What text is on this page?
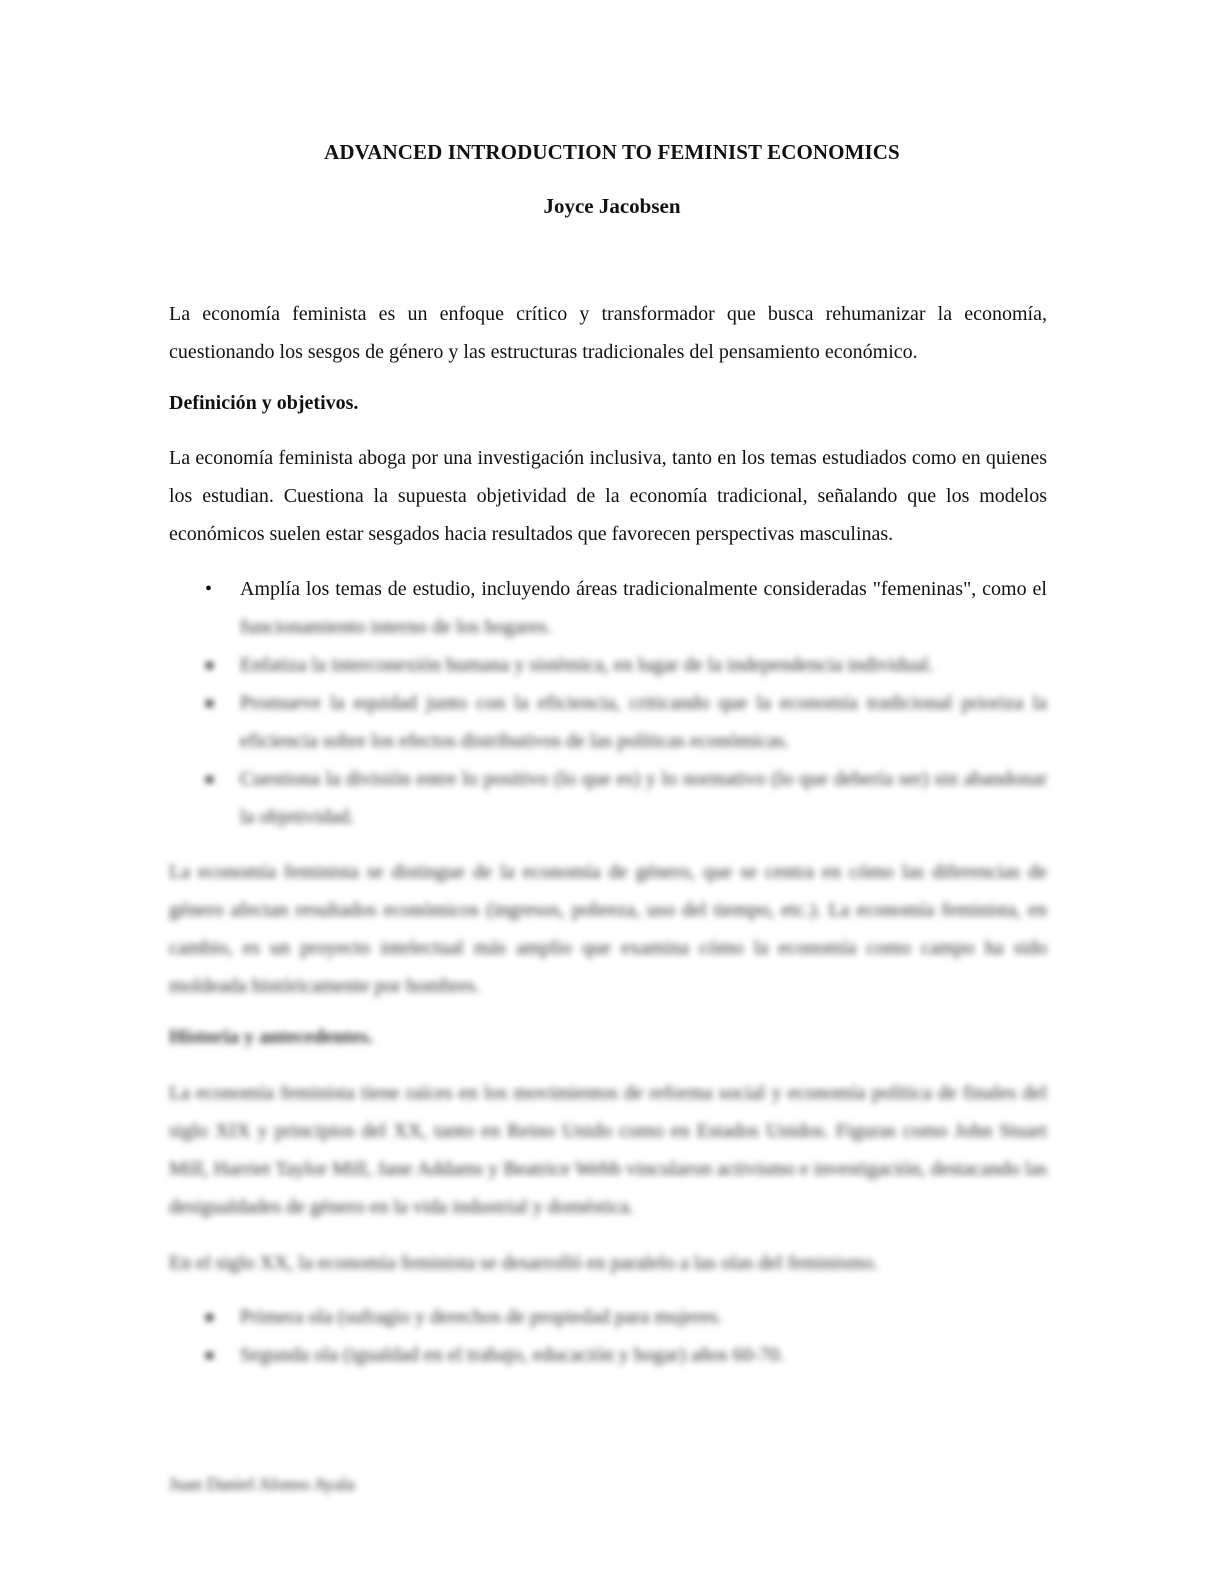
ADVANCED INTRODUCTION TO FEMINIST ECONOMICS
Joyce Jacobsen

La economía feminista es un enfoque crítico y transformador que busca rehumanizar la economía, cuestionando los sesgos de género y las estructuras tradicionales del pensamiento económico.

Definición y objetivos.

La economía feminista aboga por una investigación inclusiva, tanto en los temas estudiados como en quienes los estudian. Cuestiona la supuesta objetividad de la economía tradicional, señalando que los modelos económicos suelen estar sesgados hacia resultados que favorecen perspectivas masculinas.

• Amplía los temas de estudio, incluyendo áreas tradicionalmente consideradas "femeninas", como el
funcionamiento interno de los hogares.
Enfatiza la interconexión humana y sistémica, en lugar de la independencia individual.
Promueve la equidad junto con la eficiencia, criticando que la economía tradicional prioriza la eficiencia sobre los efectos distributivos de las políticas económicas.
Cuestiona la división entre lo positivo (lo que es) y lo normativo (lo que debería ser) sin abandonar la objetividad.

La economía feminista se distingue de la economía de género, que se centra en cómo las diferencias de género afectan resultados económicos (ingresos, pobreza, uso del tiempo, etc.). La economía feminista, en cambio, es un proyecto intelectual más amplio que examina cómo la economía como campo ha sido moldeada históricamente por hombres.

Historia y antecedentes.

La economía feminista tiene raíces en los movimientos de reforma social y economía política de finales del siglo XIX y principios del XX, tanto en Reino Unido como en Estados Unidos. Figuras como John Stuart Mill, Harriet Taylor Mill, Jane Addams y Beatrice Webb vincularon activismo e investigación, destacando las desigualdades de género en la vida industrial y doméstica.

En el siglo XX, la economía feminista se desarrolló en paralelo a las olas del feminismo.

Primera ola (sufragio y derechos de propiedad para mujeres.
Segunda ola (igualdad en el trabajo, educación y hogar) años 60-70.
Juan Daniel Alonso Ayala
